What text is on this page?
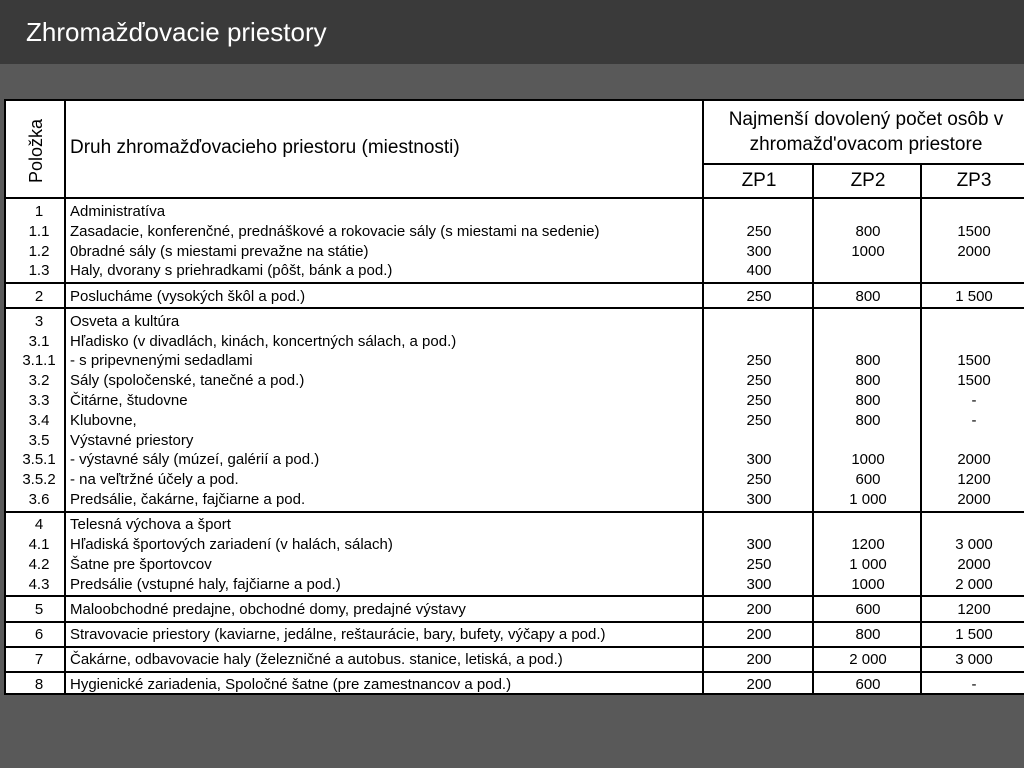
Zhromažďovacie priestory
Položka Druh zhromažďovacieho priestoru (miestnosti)
Najmenší dovolený počet osôb v
zhromažd'ovacom priestore
ZP1	ZP2	ZP3
1	Administratíva
1.1	Zasadacie, konferenčné, prednáškové a rokovacie sály (s miestami na sedenie)	250	800	1500
1.2	0bradné sály (s miestami prevažne na státie)	300	1000	2000
1.3	Haly, dvorany s priehradkami (pôšt, bánk a pod.)	400
2	Poslucháme (vysokých škôl a pod.)	250	800	1 500
3	Osveta a kultúra
3.1	Hľadisko (v divadlách, kinách, koncertných sálach, a pod.)
3.1.1 - s pripevnenými sedadlami	250	800	1500
3.2	Sály (spoločenské, tanečné a pod.)	250	800	1500
3.3	Čitárne, študovne	250	800	-
3.4	Klubovne,	250	800	-
3.5	Výstavné priestory
3.5.1 - výstavné sály (múzeí, galérií a pod.)	300	1000	2000
3.5.2 - na veľtržné účely a pod.	250	600	1200
3.6	Predsálie, čakárne, fajčiarne a pod.	300	1 000	2000
4	Telesná výchova a šport
4.1	Hľadiská športových zariadení (v halách, sálach)	300	1200	3 000
4.2	Šatne pre športovcov	250	1 000	2000
4.3	Predsálie (vstupné haly, fajčiarne a pod.)	300	1000	2 000
5	Maloobchodné predajne, obchodné domy, predajné výstavy	200	600	1200
6	Stravovacie priestory (kaviarne, jedálne, reštaurácie, bary, bufety, výčapy a pod.)	200	800	1 500
7	Čakárne, odbavovacie haly (železničné a autobus. stanice, letiská, a pod.)	200	2 000	3 000
8	Hygienické zariadenia, Spoločné šatne (pre zamestnancov a pod.)	200	600	-
